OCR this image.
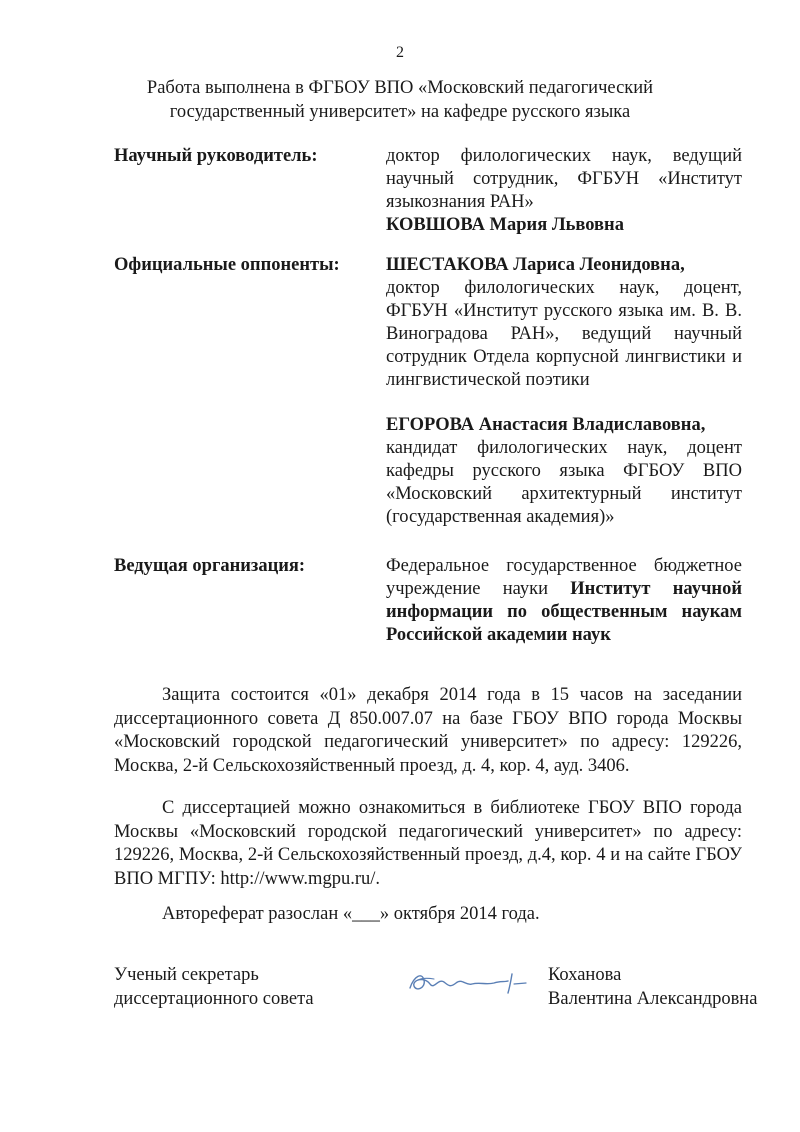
2
Работа выполнена в ФГБОУ ВПО «Московский педагогический
государственный университет» на кафедре русского языка
Научный руководитель:	доктор филологических наук, ведущий научный сотрудник, ФГБУН «Институт языкознания РАН»

КОВШОВА Мария Львовна

Официальные оппоненты:	ШЕСТАКОВА Лариса Леонидовна,

доктор филологических наук, доцент, ФГБУН «Институт русского языка им. В. В. Виноградова РАН», ведущий научный сотрудник Отдела корпусной лингвистики и лингвистической поэтики

ЕГОРОВА Анастасия Владиславовна,

кандидат филологических наук, доцент кафедры русского языка ФГБОУ ВПО «Московский архитектурный институт (государственная академия)»

Ведущая организация:	Федеральное государственное бюджетное учреждение науки Институт научной информации по общественным наукам Российской академии наук

Защита состоится «01» декабря 2014 года в 15 часов на заседании диссертационного совета Д 850.007.07 на базе ГБОУ ВПО города Москвы «Московский городской педагогический университет» по адресу: 129226, Москва, 2-й Сельскохозяйственный проезд, д. 4, кор. 4, ауд. 3406.

С диссертацией можно ознакомиться в библиотеке ГБОУ ВПО города Москвы «Московский городской педагогический университет» по адресу: 129226, Москва, 2-й Сельскохозяйственный проезд, д.4, кор. 4 и на сайте ГБОУ ВПО МГПУ: http://www.mgpu.ru/.

Автореферат разослан «___» октября 2014 года.

Ученый секретарь
диссертационного совета
Коханова
Валентина Александровна
